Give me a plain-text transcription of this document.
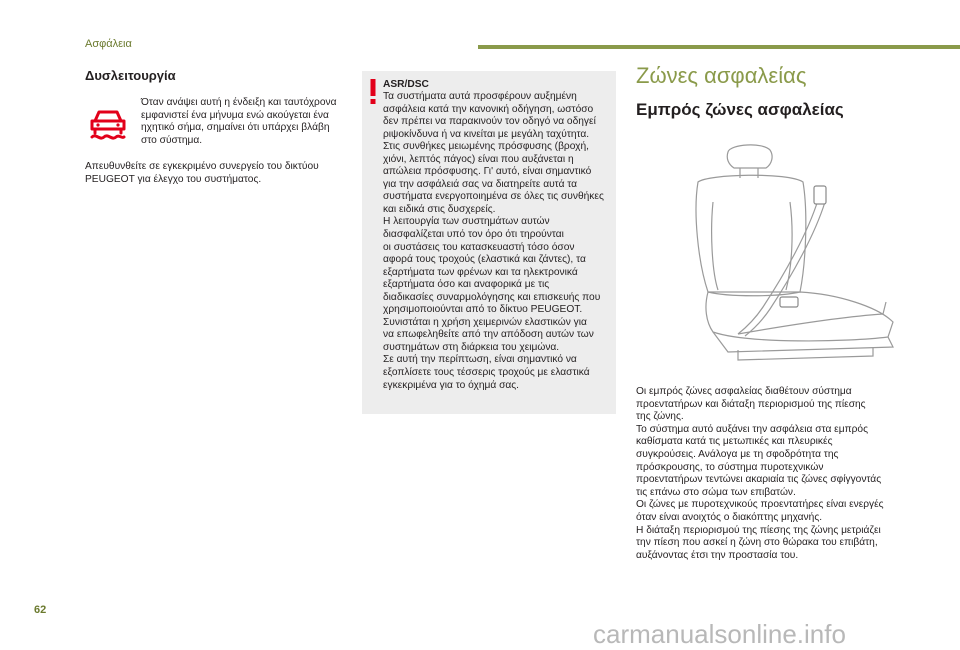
Ασφάλεια
Δυσλειτουργία

Όταν ανάψει αυτή η ένδειξη και ταυτόχρονα εμφανιστεί ένα μήνυμα ενώ ακούγεται ένα ηχητικό σήμα, σημαίνει ότι υπάρχει βλάβη στο σύστημα.

Απευθυνθείτε σε εγκεκριμένο συνεργείο του δικτύου PEUGEOT για έλεγχο του συστήματος.

ASR/DSC

Τα συστήματα αυτά προσφέρουν αυξημένη
ασφάλεια κατά την κανονική οδήγηση, ωστόσο
δεν πρέπει να παρακινούν τον οδηγό να οδηγεί
ριψοκίνδυνα ή να κινείται με μεγάλη ταχύτητα.
Στις συνθήκες μειωμένης πρόσφυσης (βροχή,
χιόνι, λεπτός πάγος) είναι που αυξάνεται η
απώλεια πρόσφυσης. Γι' αυτό, είναι σημαντικό
για την ασφάλειά σας να διατηρείτε αυτά τα
συστήματα ενεργοποιημένα σε όλες τις συνθήκες
και ειδικά στις δυσχερείς.
Η λειτουργία των συστημάτων αυτών
διασφαλίζεται υπό τον όρο ότι τηρούνται
οι συστάσεις του κατασκευαστή τόσο όσον
αφορά τους τροχούς (ελαστικά και ζάντες), τα
εξαρτήματα των φρένων και τα ηλεκτρονικά
εξαρτήματα όσο και αναφορικά με τις
διαδικασίες συναρμολόγησης και επισκευής που
χρησιμοποιούνται από το δίκτυο PEUGEOT.
Συνιστάται η χρήση χειμερινών ελαστικών για
να επωφεληθείτε από την απόδοση αυτών των
συστημάτων στη διάρκεια του χειμώνα.
Σε αυτή την περίπτωση, είναι σημαντικό να
εξοπλίσετε τους τέσσερις τροχούς με ελαστικά
εγκεκριμένα για το όχημά σας.

Ζώνες ασφαλείας
Εμπρός ζώνες ασφαλείας

Οι εμπρός ζώνες ασφαλείας διαθέτουν σύστημα
προεντατήρων και διάταξη περιορισμού της πίεσης
της ζώνης.
Το σύστημα αυτό αυξάνει την ασφάλεια στα εμπρός
καθίσματα κατά τις μετωπικές και πλευρικές
συγκρούσεις. Ανάλογα με τη σφοδρότητα της
πρόσκρουσης, το σύστημα πυροτεχνικών
προεντατήρων τεντώνει ακαριαία τις ζώνες σφίγγοντάς
τις επάνω στο σώμα των επιβατών.
Οι ζώνες με πυροτεχνικούς προεντατήρες είναι ενεργές
όταν είναι ανοιχτός ο διακόπτης μηχανής.
Η διάταξη περιορισμού της πίεσης της ζώνης μετριάζει
την πίεση που ασκεί η ζώνη στο θώρακα του επιβάτη,
αυξάνοντας έτσι την προστασία του.

62
carmanualsonline.info
